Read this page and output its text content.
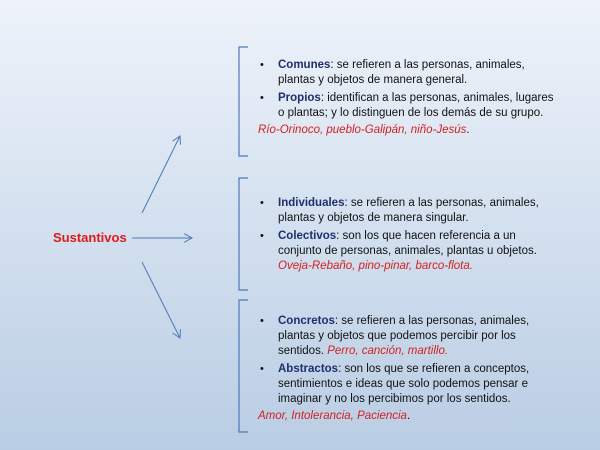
Sustantivos
• Comunes: se refieren a las personas, animales, plantas y objetos de manera general.
• Propios: identifican a las personas, animales, lugares o plantas; y lo distinguen de los demás de su grupo.
Río-Orinoco, pueblo-Galipán, niño-Jesús.
• Individuales: se refieren a las personas, animales, plantas y objetos de manera singular.
• Colectivos: son los que hacen referencia a un conjunto de personas, animales, plantas u objetos. Oveja-Rebaño, pino-pinar, barco-flota.
• Concretos: se refieren a las personas, animales, plantas y objetos que podemos percibir por los sentidos. Perro, canción, martillo.
• Abstractos: son los que se refieren a conceptos, sentimientos e ideas que solo podemos pensar e imaginar y no los percibimos por los sentidos.
Amor, Intolerancia, Paciencia.
